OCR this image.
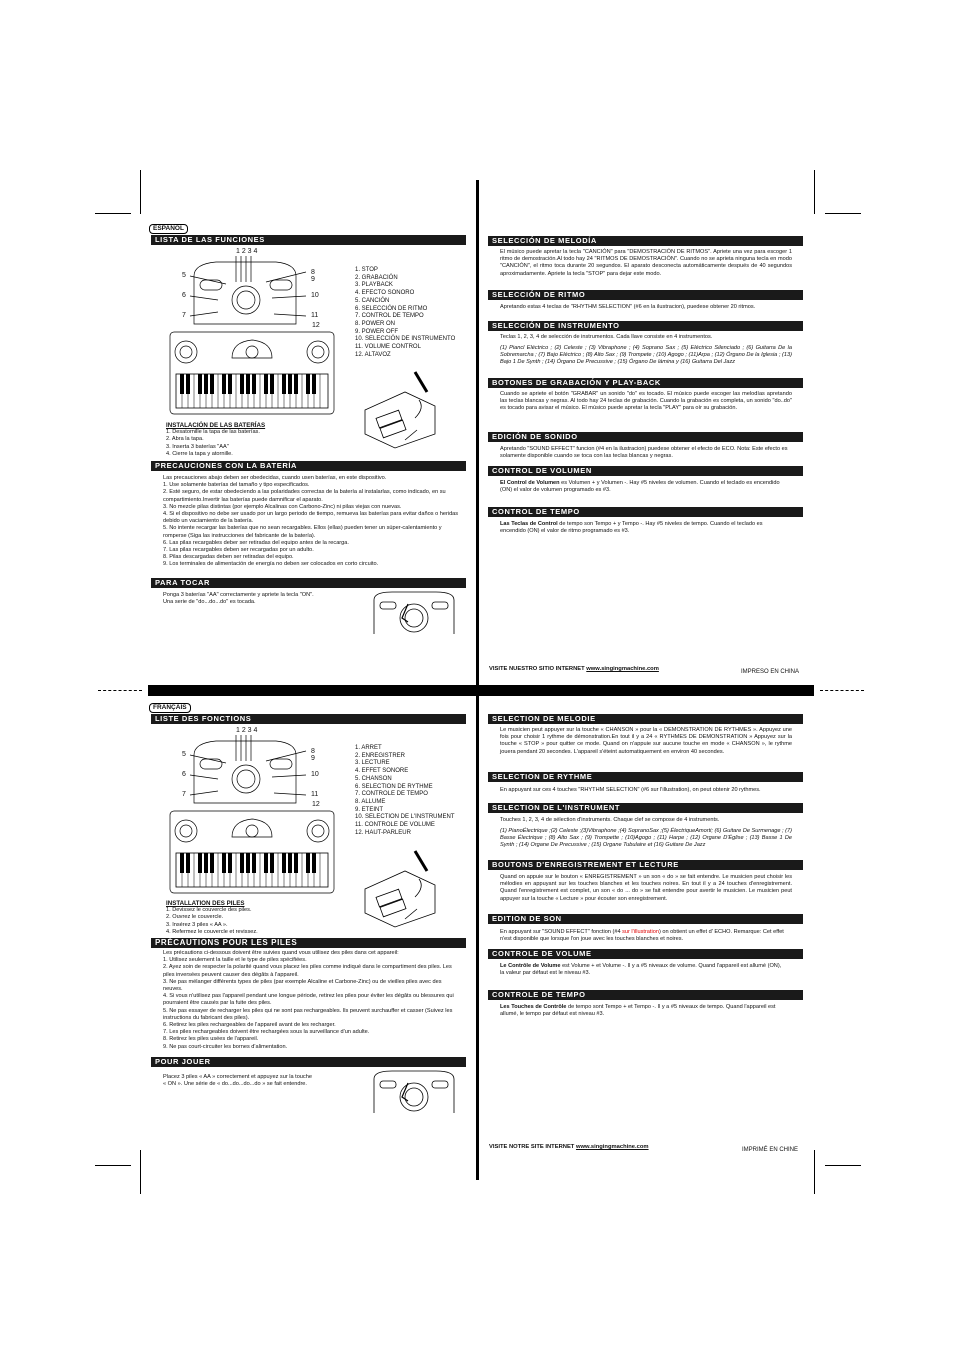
ESPAÑOL
LISTA DE LAS FUNCIONES
1 2 3 4
5
6
7
8
9
10
11
12
1. STOP
2. GRABACIÓN
3. PLAYBACK
4. EFECTO SONORO
5. CANCIÓN
6. SELECCIÓN DE RITMO
7. CONTROL DE TEMPO
8. POWER ON
9. POWER OFF
10. SELECCIÓN DE INSTRUMENTO
11. VOLUME CONTROL
12. ALTAVOZ
INSTALACIÓN DE LAS BATERÍAS
1. Desatornille la tapa de las baterías.
2. Abra la tapa.
3. Inserta 3 baterías "AA"
4. Cierre la tapa y atornille.
PRECAUCIONES CON LA BATERÍA
Las precauciones abajo deben ser obedecidas, cuando usen baterías, en este dispositivo.
1. Use solamente baterías del tamaño y tipo especificados.
2. Esté seguro, de estar obedeciendo a las polaridades correctas de la batería al instalarlas, como indicado, en su compartimiento.Invertir las baterías puede damnificar el aparato.
3. No mezcle pilas distintas (por ejemplo Alcalinas con Carbono-Zinc) ni pilas viejas con nuevas.
4. Si el dispositivo no debe ser usado por un largo periodo de tiempo, remueva las baterías para evitar daños o heridas debido un vaciamiento de la batería.
5. No intente recargar las baterías que no sean recargables. Ellos (ellas) pueden tener un súper-calentamiento y romperse (Siga las instrucciones del fabricante de la batería).
6. Las pilas recargables deber ser retiradas del equipo antes de la recarga.
7. Las pilas recargables deben ser recargadas por un adulto.
8. Pilas descargadas deben ser retiradas del equipo.
9. Los terminales de alimentación de energía no deben ser colocados en corto circuito.
PARA TOCAR
Ponga 3 baterías "AA" correctamente y apriete la tecla "ON".
Una serie de "do...do...do" es tocada.
SELECCIÓN DE MELODÍA
El músico puede apretar la tecla "CANCIÓN" para "DEMOSTRACIÓN DE RITMOS". Apriete una vez para escoger 1 ritmo de demostración.Al todo hay 24 "RITMOS DE DEMOSTRACIÓN". Cuando no se aprieta ninguna tecla en modo "CANCIÓN", el ritmo toca durante 20 segundos. El aparato desconecta automáticamente después de 40 segundos aproximadamente. Apriete la tecla "STOP" para dejar este modo.
SELECCIÓN DE RITMO
Apretando estas 4 teclas de "RHYTHM SELECTION" (#6 en la ilustracion), puedese obtener 20 ritmos.
SELECCIÓN DE INSTRUMENTO
Teclas 1, 2, 3, 4 de selección de instrumentos. Cada llave consiste en 4 instrumentos.
(1) Piancl Eléctrico ; (2) Celeste ; (3) Vibraphone ; (4) Soprano Sax ; (5) Eléctrico Silenciado ; (6) Guitarra De la Sobremarcha ; (7) Bajo Eléctrico ; (8) Alto Sax ; (9) Trompete ; (10) Agogo ; (11)Arpa ; (12) Órgano De la Iglesia ; (13) Bajo 1 De Synth ; (14) Órgano De Precussive ; (15) Órgano De lámina y (16) Guitarra Del Jazz
BOTONES DE GRABACIÓN Y PLAY-BACK
Cuando se apriete el botón "GRABAR" un sonido "do" es tocado. El músico puede escoger las melodías apretando las teclas blancas y negras. Al todo hay 24 teclas de grabación. Cuando la grabación es completa, un sonido "do..do" es tocado para avisar el músico. El músico puede apretar la tecla "PLAY" para oír su grabación.
EDICIÓN DE SONIDO
Apretando "SOUND EFFECT" funcion (#4 en la ilustracion) puedese obtener el efecto de ECO. Nota: Este efecto es solamente disponible cuando se toca con las teclas blancas y negras.
CONTROL DE VOLUMEN
El Control de Volumen es Volumen + y Volumen -. Hay #5 niveles de volumen. Cuando el teclado es encendido (ON) el valor de volumen programado es #3.
CONTROL DE TEMPO
Las Teclas de Control de tempo son Tempo + y Tempo -. Hay #5 niveles de tempo. Cuando el teclado es encendido (ON) el valor de ritmo programado es #3.
VISITE NUESTRO SITIO INTERNET www.singingmachine.com	IMPRESO EN CHINA
FRANÇAIS
LISTE DES FONCTIONS
1 2 3 4
5
6
7
8
9
10
11
12
1. ARRET
2. ENREGISTRER
3. LECTURE
4. EFFET SONORE
5. CHANSON
6. SELECTION DE RYTHME
7. CONTROLE DE TEMPO
8. ALLUME
9. ETEINT
10. SELECTION DE L'INSTRUMENT
11. CONTROLE DE VOLUME
12. HAUT-PARLEUR
INSTALLATION DES PILES
1. Devissez le couvercle des piles.
2. Ouvrez le couvercle.
3. Insérez 3 piles « AA ».
4. Refermez le couvercle et revissez.
PRÉCAUTIONS POUR LES PILES
Les précautions ci-dessous doivent être suivies quand vous utilisez des piles dans cet appareil:
1. Utilisez seulement la taille et le type de piles spécifiées.
2. Ayez soin de respecter la polarité quand vous placez les piles comme indiqué dans le compartiment des piles. Les piles inversées peuvent causer des dégâts à l'appareil.
3. Ne pas mélanger différents types de piles (par exemple Alcaline et Carbone-Zinc) ou de vieilles piles avec des neuves.
4. Si vous n'utilisez pas l'appareil pendant une longue période, retirez les piles pour éviter les dégâts ou blessures qui pourraient être causés par la fuite des piles.
5. Ne pas essayer de recharger les piles qui ne sont pas rechargeables. Ils peuvent surchauffer et casser (Suivez les instructions du fabricant des piles).
6. Retirez les piles rechargeables de l'appareil avant de les recharger.
7. Les piles rechargeables doivent être rechargées sous la surveillance d'un adulte.
8. Retirez les piles usées de l'appareil.
9. Ne pas court-circuiter les bornes d'alimentation.
POUR JOUER
Placez 3 piles « AA » correctement et appuyez sur la touche
« ON ». Une série de « do...do...do...do » se fait entendre.
SELECTION DE MELODIE
Le musicien peut appuyer sur la touche « CHANSON » pour la « DEMONSTRATION DE RYTHMES ». Appuyez une fois pour choisir 1 rythme de démonstration.En tout il y a 24 « RYTHMES DE DEMONSTRATION » Appuyez sur la touche « STOP » pour quitter ce mode. Quand on n'appuie sur aucune touche en mode « CHANSON », le rythme jouera pendant 20 secondes. L'appareil s'éteint automatiquement en environ 40 secondes.
SELECTION DE RYTHME
En appuyant sur ces 4 touches "RHYTHM SELECTION" (#6 sur l'illustration), on peut obtenir 20 rythmes.
SELECTION DE L'INSTRUMENT
Touches 1, 2, 3, 4 de sélection d'instruments. Chaque clef se compose de 4 instruments.
(1) PianoÉlectrique ;(2) Celeste ;(3)Vibraphone ;(4) SopranoSax ;(5) ÉlectriqueAmorti; (6) Guitare De Surmenage ; (7) Basse Électrique ; (8) Alto Sax ; (9) Trompette ; (10)Agogo ; (11) Harpe ; (12) Organe D'Église ; (13) Basse 1 De Synth ; (14) Organe De Precussive ; (15) Organe Tubulaire et (16) Guitare De Jazz
BOUTONS D'ENREGISTREMENT ET LECTURE
Quand on appuie sur le bouton « ENREGISTREMENT » un son « do » se fait entendre. Le musicien peut choisir les mélodies en appuyant sur les touches blanches et les touches noires. En tout il y a 24 touches d'enregistrement. Quand l'enregistrement est complet, un son « do ... do » se fait entendre pour avertir le musicien. Le musicien peut appuyer sur la touche « Lecture » pour écouter son enregistrement.
EDITION DE SON
En appuyant sur "SOUND EFFECT" fonction (#4 sur l'illustration) on obtient un effet d' ECHO. Remarque: Cet effet n'est disponible que lorsque l'on joue avec les touches blanches et noires.
CONTROLE DE VOLUME
Le Contrôle de Volume est Volume + et Volume -. Il y a #5 niveaux de volume. Quand l'appareil est allumé (ON), la valeur par défaut est le niveau #3.
CONTROLE DE TEMPO
Les Touches de Contrôle de tempo sont Tempo + et Tempo -. Il y a #5 niveaux de tempo. Quand l'appareil est allumé, le tempo par défaut est niveau #3.
VISITE NOTRE SITE INTERNET www.singingmachine.com	IMPRIMÉ EN CHINE
